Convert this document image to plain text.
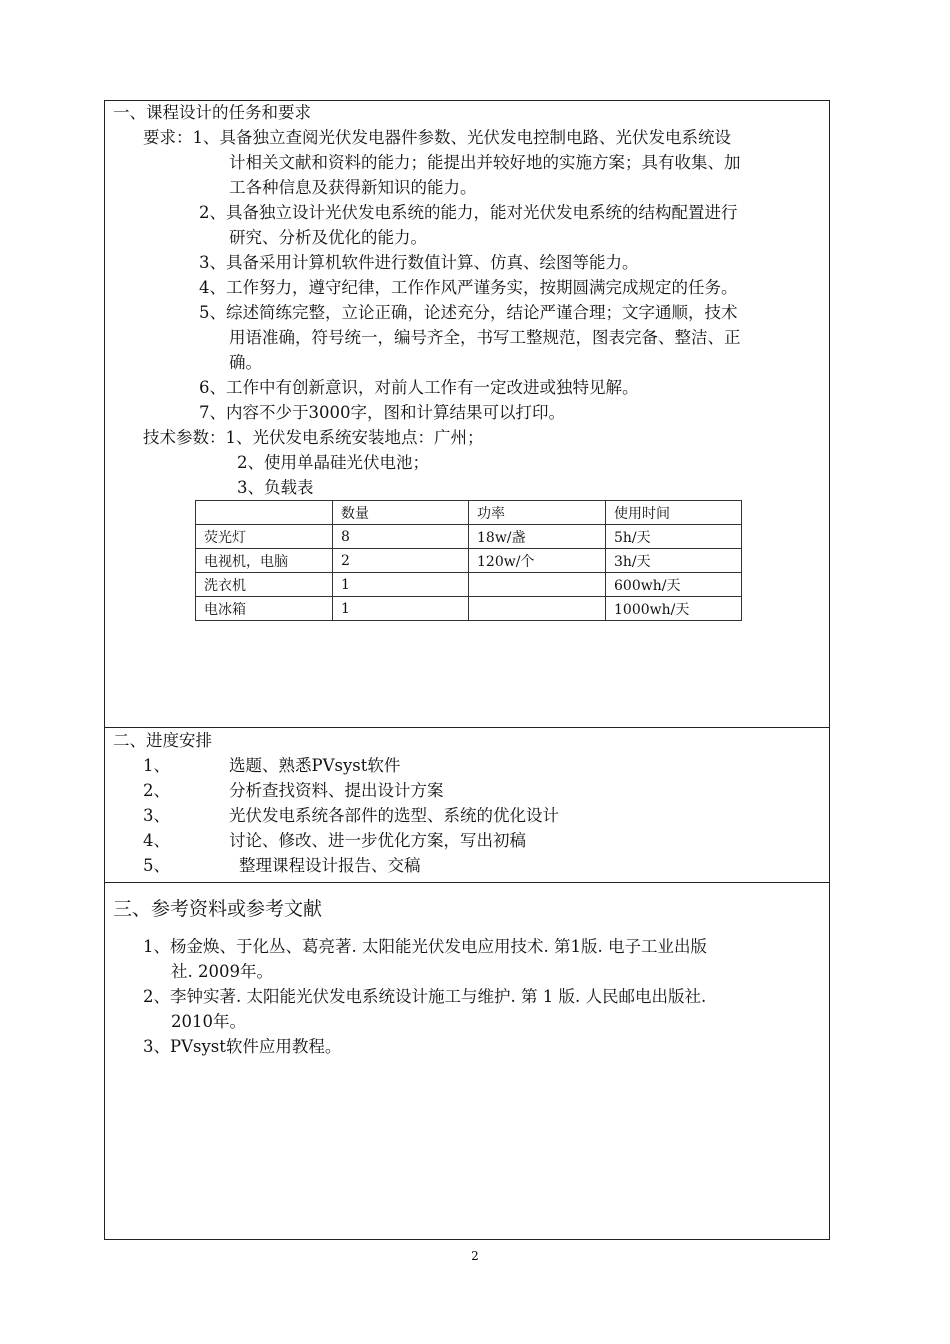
一、课程设计的任务和要求
要求：1、具备独立查阅光伏发电器件参数、光伏发电控制电路、光伏发电系统设
计相关文献和资料的能力；能提出并较好地的实施方案；具有收集、加
工各种信息及获得新知识的能力。
2、具备独立设计光伏发电系统的能力，能对光伏发电系统的结构配置进行
研究、分析及优化的能力。
3、具备采用计算机软件进行数值计算、仿真、绘图等能力。
4、工作努力，遵守纪律，工作作风严谨务实，按期圆满完成规定的任务。
5、综述简练完整，立论正确，论述充分，结论严谨合理；文字通顺，技术
用语准确，符号统一，编号齐全，书写工整规范，图表完备、整洁、正
确。
6、工作中有创新意识，对前人工作有一定改进或独特见解。
7、内容不少于3000字，图和计算结果可以打印。
技术参数：1、光伏发电系统安装地点：广州；
2、使用单晶硅光伏电池；
3、负载表
	数量	功率	使用时间
荧光灯	8	18w/盏	5h/天
电视机，电脑	2	120w/个	3h/天
洗衣机	1		600wh/天
电冰箱	1		1000wh/天
二、进度安排
1、	选题、熟悉PVsyst软件
2、	分析查找资料、提出设计方案
3、	光伏发电系统各部件的选型、系统的优化设计
4、	讨论、修改、进一步优化方案，写出初稿
5、	整理课程设计报告、交稿
三、参考资料或参考文献
1、杨金焕、于化丛、葛亮著. 太阳能光伏发电应用技术. 第1版. 电子工业出版
社. 2009年。
2、李钟实著. 太阳能光伏发电系统设计施工与维护. 第 1 版. 人民邮电出版社.
2010年。
3、PVsyst软件应用教程。
2
